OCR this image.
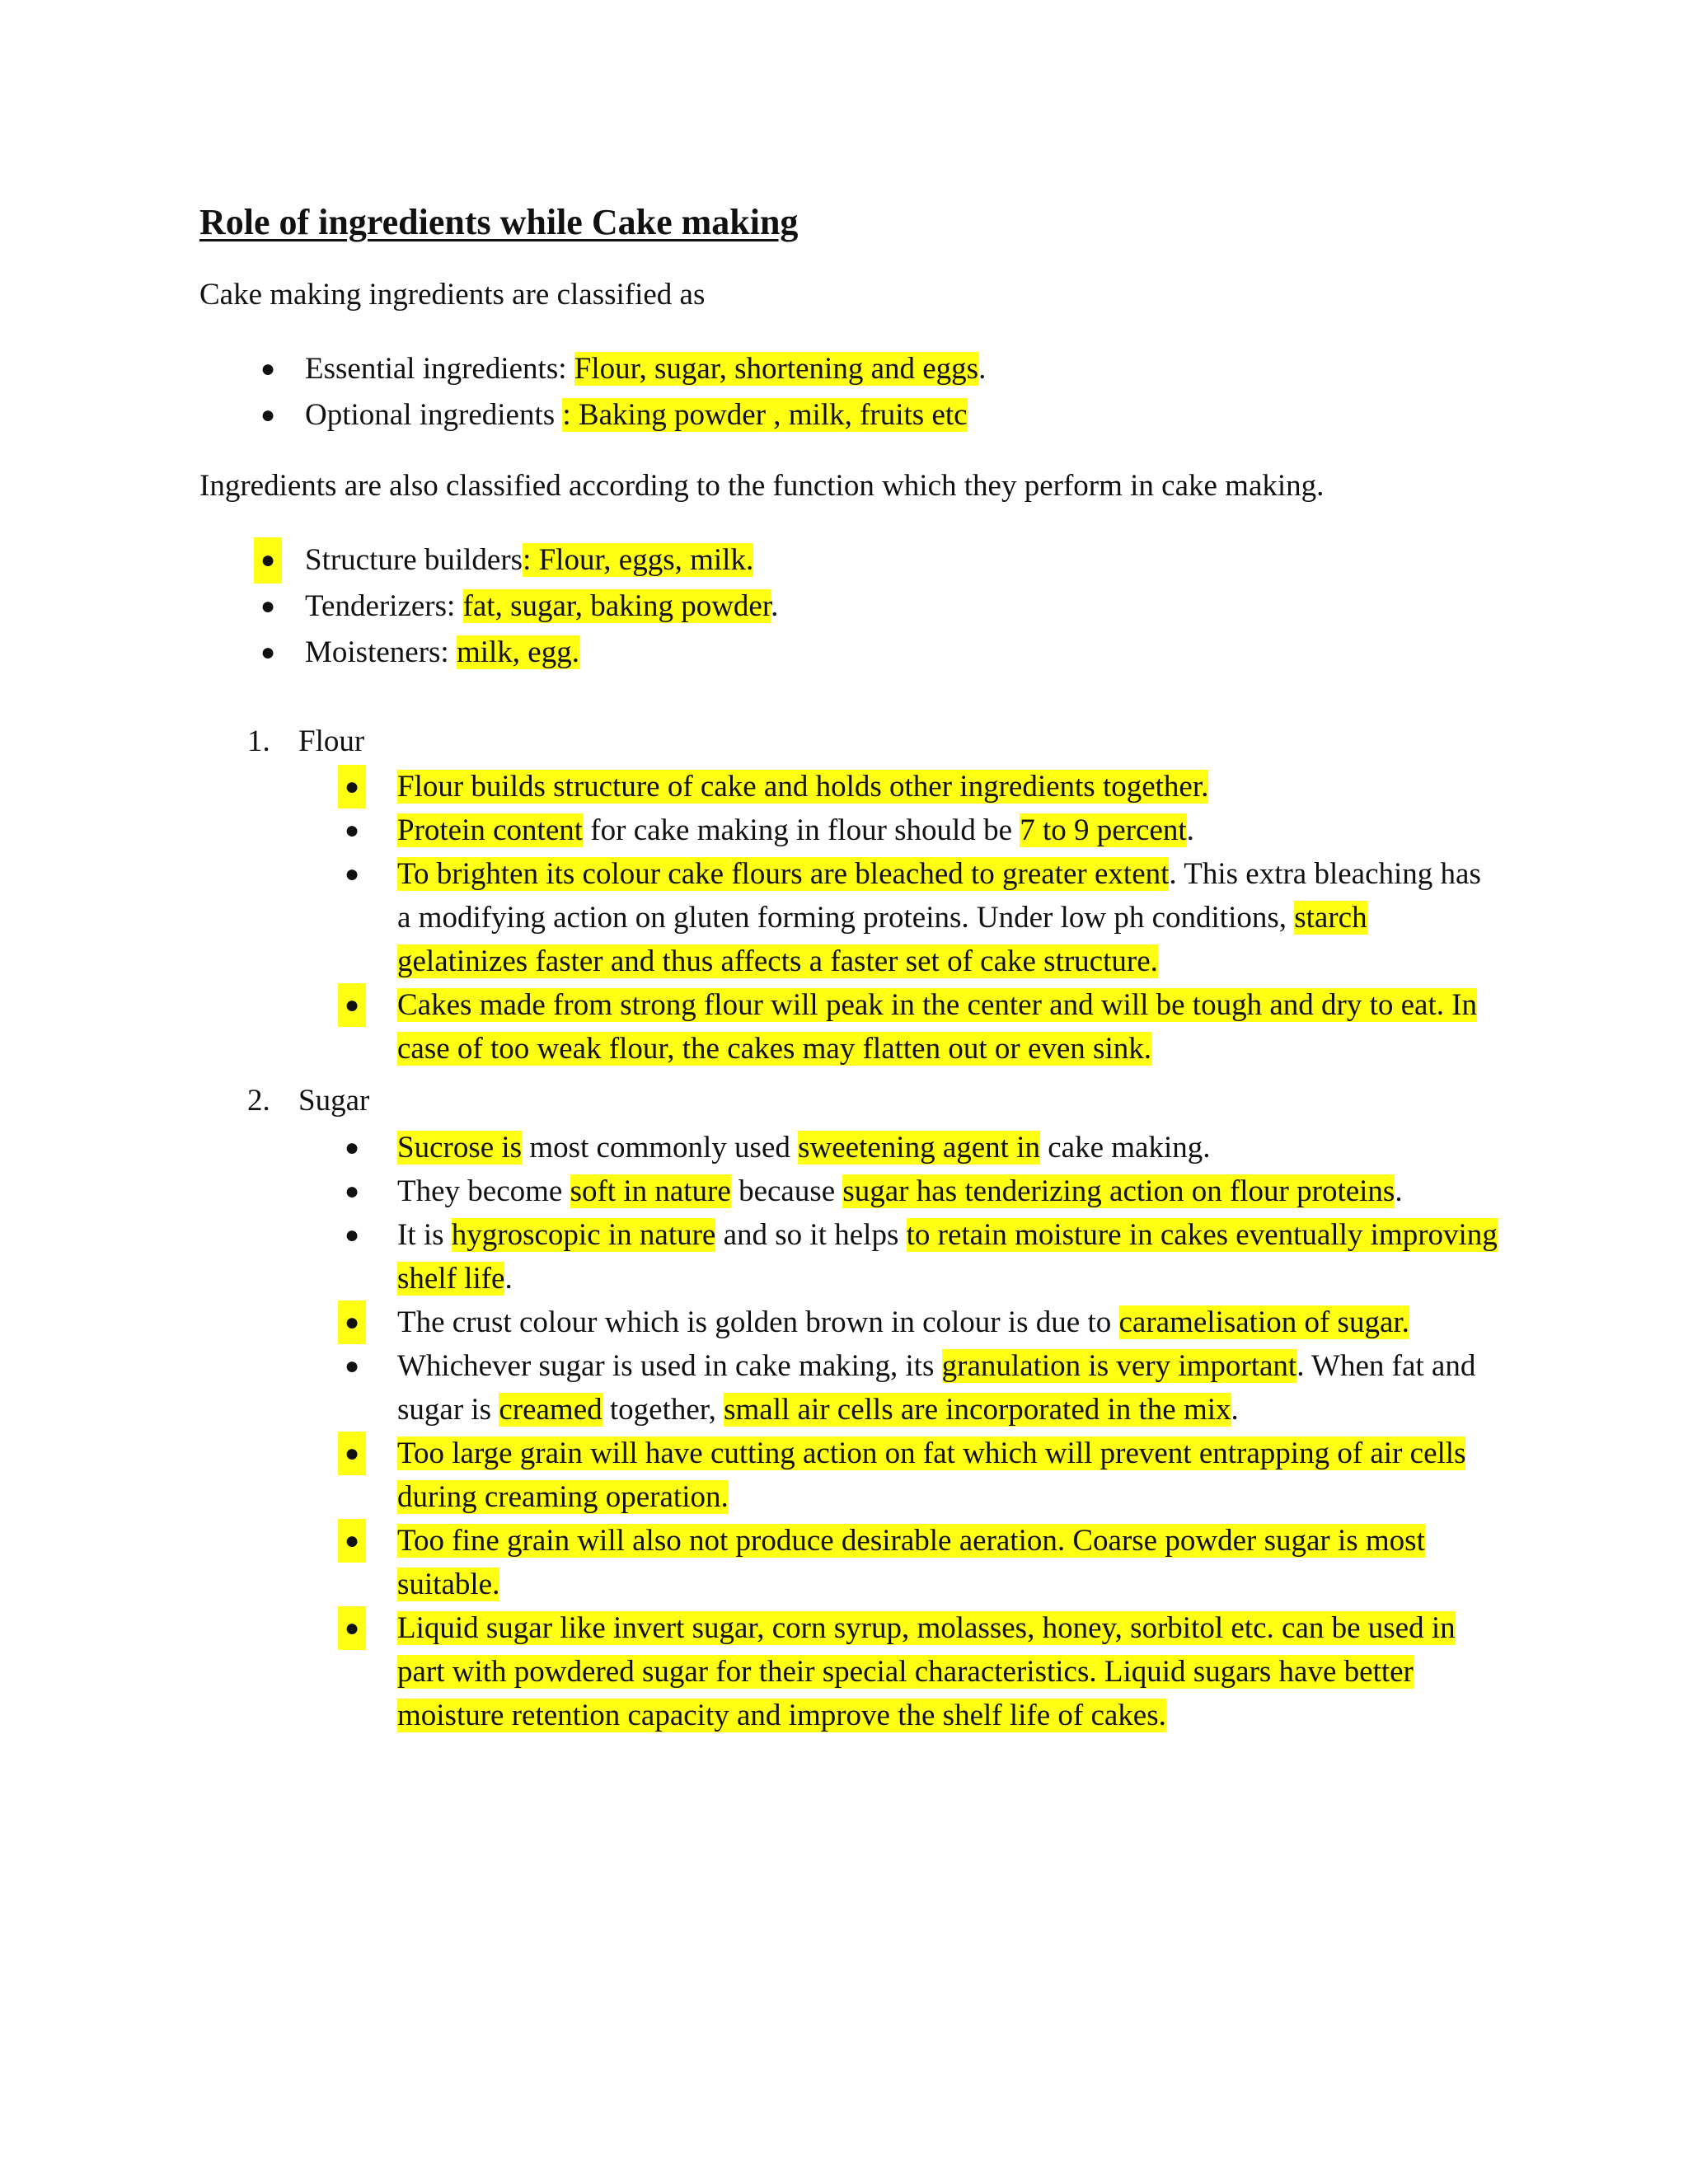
Role of ingredients while Cake making

Cake making ingredients are classified as

● Essential ingredients: Flour, sugar, shortening and eggs.
● Optional ingredients : Baking powder , milk, fruits etc

Ingredients are also classified according to the function which they perform in cake making.

● Structure builders: Flour, eggs, milk.
● Tenderizers: fat, sugar, baking powder.
● Moisteners: milk, egg.

1. Flour

● Flour builds structure of cake and holds other ingredients together.
● Protein content for cake making in flour should be 7 to 9 percent.
● To brighten its colour cake flours are bleached to greater extent. This extra bleaching has a modifying action on gluten forming proteins. Under low ph conditions, starch gelatinizes faster and thus affects a faster set of cake structure.
● Cakes made from strong flour will peak in the center and will be tough and dry to eat. In case of too weak flour, the cakes may flatten out or even sink.

2. Sugar

● Sucrose is most commonly used sweetening agent in cake making.
● They become soft in nature because sugar has tenderizing action on flour proteins.
● It is hygroscopic in nature and so it helps to retain moisture in cakes eventually improving shelf life.
● The crust colour which is golden brown in colour is due to caramelisation of sugar.
● Whichever sugar is used in cake making, its granulation is very important. When fat and sugar is creamed together, small air cells are incorporated in the mix.
● Too large grain will have cutting action on fat which will prevent entrapping of air cells during creaming operation.
● Too fine grain will also not produce desirable aeration. Coarse powder sugar is most suitable.
● Liquid sugar like invert sugar, corn syrup, molasses, honey, sorbitol etc. can be used in part with powdered sugar for their special characteristics. Liquid sugars have better moisture retention capacity and improve the shelf life of cakes.
